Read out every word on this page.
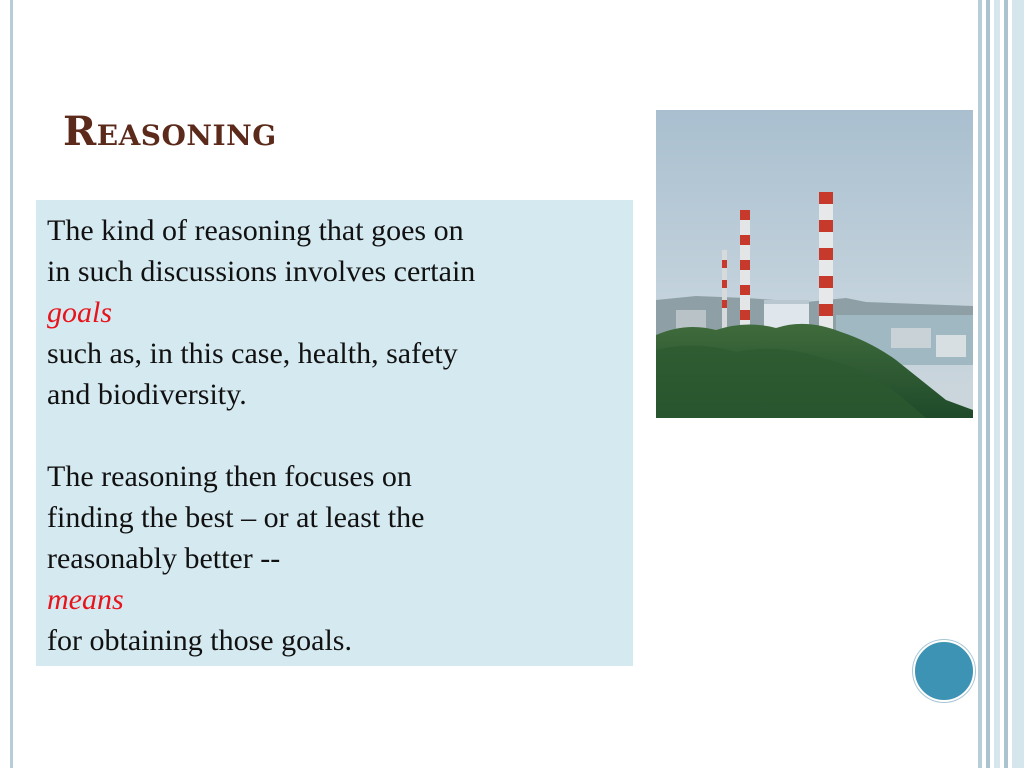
Reasoning

The kind of reasoning that goes on

in such discussions involves certain

goals

such as, in this case, health, safety

and biodiversity.

The reasoning then focuses on

finding the best – or at least the

reasonably better --

means

for obtaining those goals.
